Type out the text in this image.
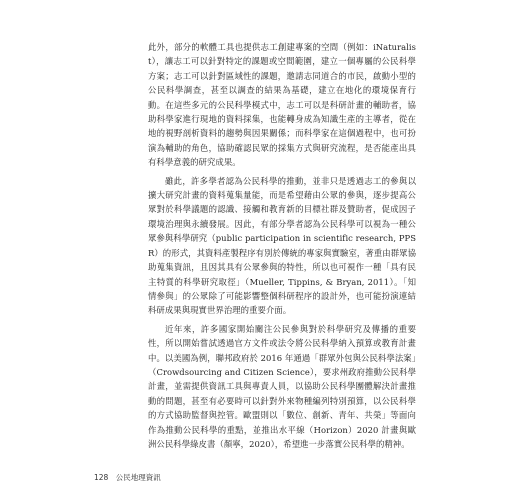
此外，部分的軟體工具也提供志工創建專案的空間（例如：iNaturalist），讓志工可以針對特定的課題或空間範圍，建立一個專屬的公民科學方案；志工可以針對區域性的課題，邀請志同道合的市民，啟動小型的公民科學調查，甚至以調查的結果為基礎，建立在地化的環境保育行動。在這些多元的公民科學模式中，志工可以是科研計畫的輔助者，協助科學家進行現地的資料採集，也能轉身成為知識生產的主導者，從在地的視野剖析資料的趨勢與因果關係；而科學家在這個過程中，也可扮演為輔助的角色，協助確認民眾的採集方式與研究流程，是否能產出具有科學意義的研究成果。

雖此，許多學者認為公民科學的推動，並非只是透過志工的參與以擴大研究計畫的資料蒐集量能，而是希望藉由公眾的參與，逐步提高公眾對於科學議題的認識、接觸和教育新的目標社群及贊助者，促成因子環境治理與永續發展。因此，有部分學者認為公民科學可以視為一種公眾參與科學研究（public participation in scientific research, PPSR）的形式，其資料產製程序有別於傳統的專家與實驗室，著重由群眾協助蒐集資訊，且因其具有公眾參與的特性，所以也可視作一種「具有民主特質的科學研究取徑」（Mueller, Tippins, & Bryan, 2011）。「知情參與」的公眾除了可能影響整個科研程序的設計外，也可能扮演連結科研成果與現實世界治理的重要介面。

近年來，許多國家開始關注公民參與對於科學研究及傳播的重要性，所以開始嘗試透過官方文件或法令將公民科學納入預算或教育計畫中。以美國為例，聯邦政府於 2016 年通過「群眾外包與公民科學法案」（Crowdsourcing and Citizen Science），要求州政府推動公民科學計畫，並需提供資訊工具與專責人員，以協助公民科學團體解決計畫推動的問題，甚至有必要時可以針對外來物種編列特別預算，以公民科學的方式協助監督與控管。歐盟則以「數位、創新、青年、共榮」等面向作為推動公民科學的重點，並推出水平線（Horizon）2020 計畫與歐洲公民科學綠皮書（顏寧，2020），希望進一步落實公民科學的精神。

128 公民地理資訊
